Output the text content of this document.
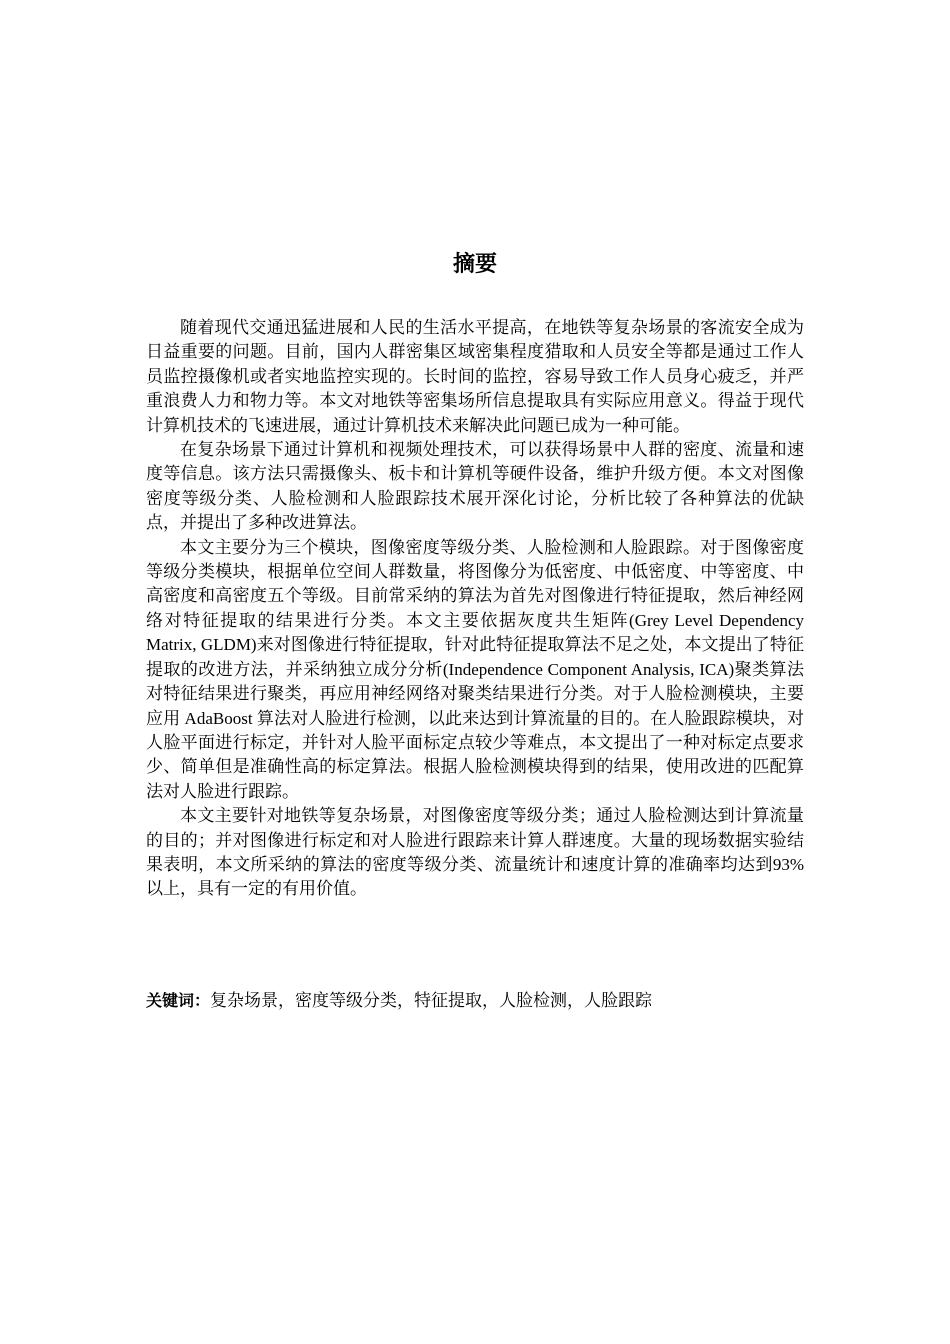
摘要

随着现代交通迅猛进展和人民的生活水平提高，在地铁等复杂场景的客流安全成为日益重要的问题。目前，国内人群密集区域密集程度猎取和人员安全等都是通过工作人员监控摄像机或者实地监控实现的。长时间的监控，容易导致工作人员身心疲乏，并严重浪费人力和物力等。本文对地铁等密集场所信息提取具有实际应用意义。得益于现代计算机技术的飞速进展，通过计算机技术来解决此问题已成为一种可能。

在复杂场景下通过计算机和视频处理技术，可以获得场景中人群的密度、流量和速度等信息。该方法只需摄像头、板卡和计算机等硬件设备，维护升级方便。本文对图像密度等级分类、人脸检测和人脸跟踪技术展开深化讨论，分析比较了各种算法的优缺点，并提出了多种改进算法。

本文主要分为三个模块，图像密度等级分类、人脸检测和人脸跟踪。对于图像密度等级分类模块，根据单位空间人群数量，将图像分为低密度、中低密度、中等密度、中高密度和高密度五个等级。目前常采纳的算法为首先对图像进行特征提取，然后神经网络对特征提取的结果进行分类。本文主要依据灰度共生矩阵(Grey Level Dependency Matrix, GLDM)来对图像进行特征提取，针对此特征提取算法不足之处，本文提出了特征提取的改进方法，并采纳独立成分分析(Independence Component Analysis, ICA)聚类算法对特征结果进行聚类，再应用神经网络对聚类结果进行分类。对于人脸检测模块，主要应用 AdaBoost 算法对人脸进行检测，以此来达到计算流量的目的。在人脸跟踪模块，对人脸平面进行标定，并针对人脸平面标定点较少等难点，本文提出了一种对标定点要求少、简单但是准确性高的标定算法。根据人脸检测模块得到的结果，使用改进的匹配算法对人脸进行跟踪。

本文主要针对地铁等复杂场景，对图像密度等级分类；通过人脸检测达到计算流量的目的；并对图像进行标定和对人脸进行跟踪来计算人群速度。大量的现场数据实验结果表明，本文所采纳的算法的密度等级分类、流量统计和速度计算的准确率均达到93%以上，具有一定的有用价值。

关键词：复杂场景，密度等级分类，特征提取，人脸检测，人脸跟踪
